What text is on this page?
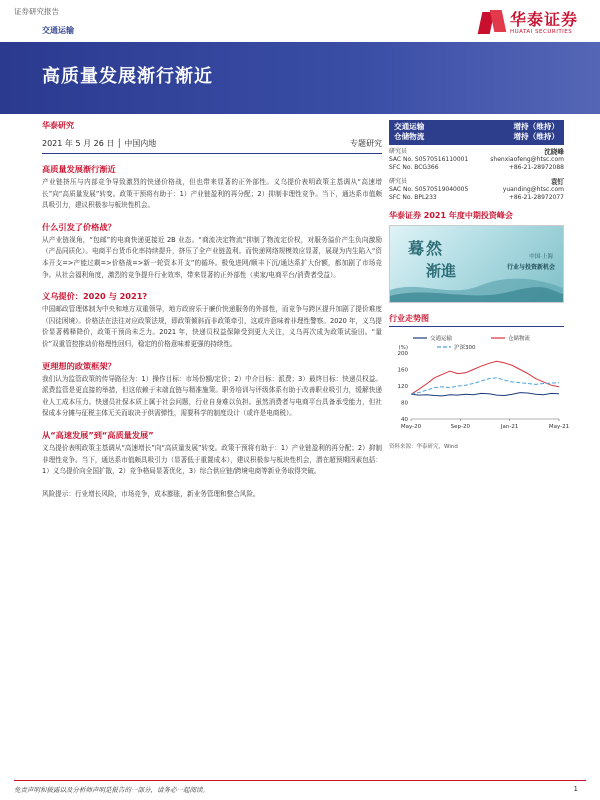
证券研究报告
交通运输
华泰证券
HUATAI SECURITIES
高质量发展渐行渐近
华泰研究
2021 年 5 月 26 日 │ 中国内地	专题研究
高质量发展渐行渐近
产业链挤压与内部竞争导致激烈的快递价格战，但也带来显著的正外部性。义乌提价表明政策主基调从“高速增长”向“高质量发展”转变。政策干预将有助于：1）产业链盈利的再分配；2）抑制非理性竞争。当下，通达系市值颇具吸引力，建议积极参与板块性机会。
什么引发了价格战？
从产业链视角，“包邮”的电商快递更接近 2B 业态。“商流决定物流”抑制了物流定价权，对服务溢价产生负向激励（产品同质化）。电商平台货币化率持续提升，挤压了全产业链盈利。而快递网络规模效应显著，展现为内生陷入“资本开支=>产能过剩=>价格战=>新一轮资本开支”的循环。极兔进网/顺丰下沉/通达系扩大份额，都加剧了市场竞争。从社会福利角度，激烈的竞争提升行业效率，带来显著的正外部性（卖家/电商平台/消费者受益）。
义乌提价：2020 与 2021?
中国邮政管理体制为中央和地方双重领导，地方政府乐于廉价快递服务的外部性，而竞争与跨区提升加剧了提价难度（囚徒困境）。价格法在法往对应政策法规，即政策倾斜而非政策牵引，这或许意味着非理性警察。2020 年，义乌提价显著稀释降价，政策干预尚未乏力。2021 年，快递员权益保障受到更大关注，义乌再次成为政策试验田。“量价”双重管控推动价格理性回归，稳定的价格意味着更强的持续性。
更理想的政策框架？
我们认为监管政策的传导路径为：1）操作目标：市场份额/定价；2）中介目标：派费；3）最终目标：快递员权益。派费监管是更直接的举措，但这依赖于末端直链与精准施策。职务培训与评级体系有助于改善职业吸引力，缓解快递业人工成本压力。快递员社保本质上属于社会问题，行业自身难以负担。虽然消费者与电商平台具备承受能力，但社保成本分摊与征税主体无关而取决于供需弹性，需要科学的制度设计（或许是电商税）。
从“高速发展”到“高质量发展”
义乌提价表明政策主基调从“高速增长”向“高质量发展”转变。政策干预将有助于：1）产业链盈利的再分配；2）抑制非理性竞争。当下，通达系市值颇具吸引力（显著低于重置成本），建议积极参与板块性机会，潜在超预期因素包括：1）义乌提价向全国扩散，2）竞争格局显著优化，3）综合供应链/跨境电商等新业务取得突破。
风险提示：行业增长风险，市场竞争，成本膨胀，新业务管理和整合风险。
交通运输	增持（维持）
仓储物流	增持（维持）
研究员	沈晓峰
SAC No. S0570516110001	shenxiaofeng@htsc.com
SFC No. BCG366	+86-21-28972088
研究员	袁钉
SAC No. S0570519040005	yuanding@htsc.com
SFC No. BPL233	+86-21-28972077
华泰证券 2021 年度中期投资峰会
蓦然
渐進
中国·上海
行业与投资新机会
行业走势图
交通运输	仓储物流
沪深300
(%)
200
160
120
80
40
May-20	Sep-20	Jan-21	May-21
资料来源：华泰研究，Wind
免责声明和披露以及分析师声明是报告的一部分，请务必一起阅读。	1
